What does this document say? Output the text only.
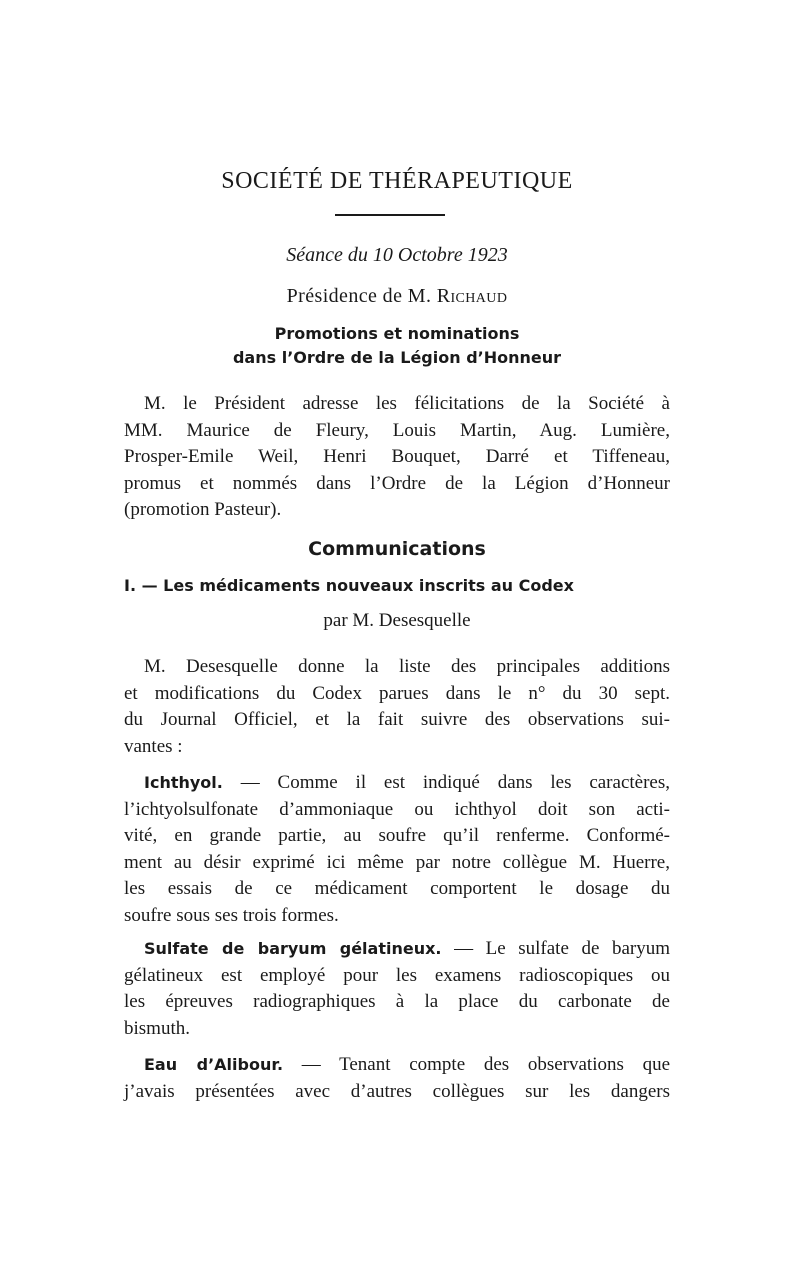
SOCIÉTÉ DE THÉRAPEUTIQUE
Séance du 10 Octobre 1923
Présidence de M. Richaud
Promotions et nominations
dans l’Ordre de la Légion d’Honneur
M. le Président adresse les félicitations de la Société à
MM. Maurice de Fleury, Louis Martin, Aug. Lumière,
Prosper-Emile Weil, Henri Bouquet, Darré et Tiffeneau,
promus et nommés dans l’Ordre de la Légion d’Honneur
(promotion Pasteur).
Communications
I. — Les médicaments nouveaux inscrits au Codex
par M. Desesquelle
M. Desesquelle donne la liste des principales additions
et modifications du Codex parues dans le n° du 30 sept.
du Journal Officiel, et la fait suivre des observations sui-
vantes :
Ichthyol. — Comme il est indiqué dans les caractères,
l’ichtyolsulfonate d’ammoniaque ou ichthyol doit son acti-
vité, en grande partie, au soufre qu’il renferme. Conformé-
ment au désir exprimé ici même par notre collègue M. Huerre,
les essais de ce médicament comportent le dosage du
soufre sous ses trois formes.
Sulfate de baryum gélatineux. — Le sulfate de baryum
gélatineux est employé pour les examens radioscopiques ou
les épreuves radiographiques à la place du carbonate de
bismuth.
Eau d’Alibour. — Tenant compte des observations que
j’avais présentées avec d’autres collègues sur les dangers
